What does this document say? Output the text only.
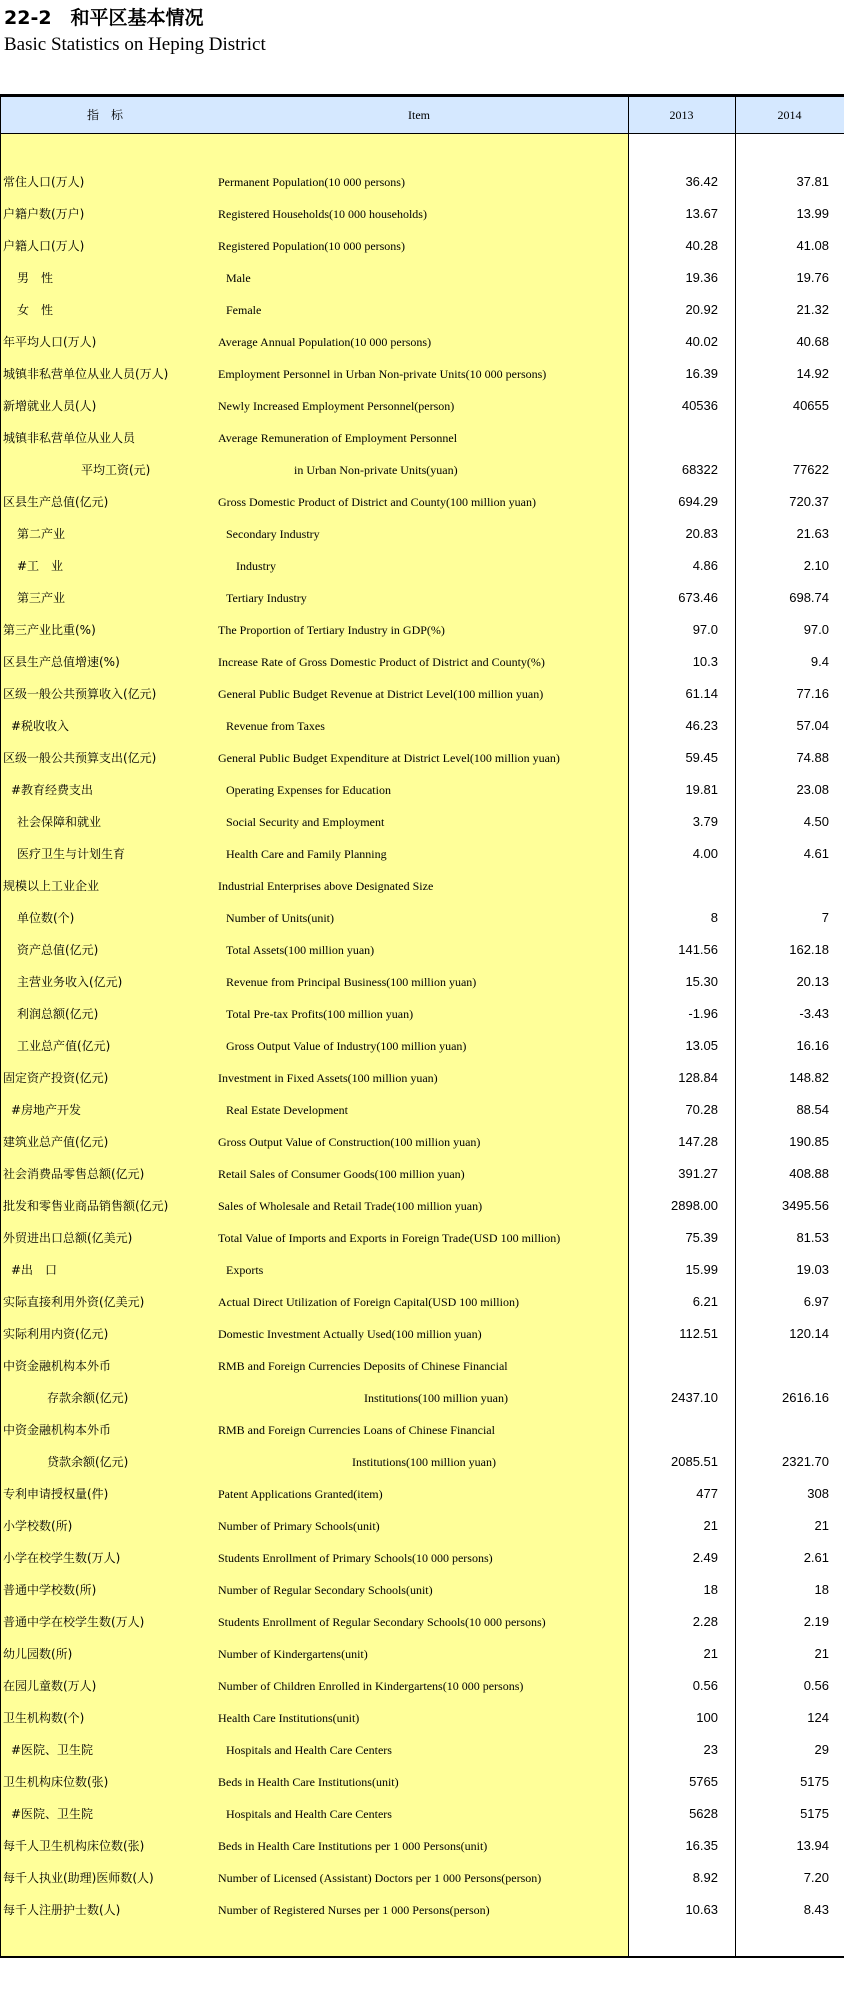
22-2　和平区基本情况
Basic Statistics on Heping District
指　标	Item	2013	2014
常住人口(万人)	Permanent Population(10 000 persons)	36.42	37.81
户籍户数(万户)	Registered Households(10 000 households)	13.67	13.99
户籍人口(万人)	Registered Population(10 000 persons)	40.28	41.08
男　性	Male	19.36	19.76
女　性	Female	20.92	21.32
年平均人口(万人)	Average Annual Population(10 000 persons)	40.02	40.68
城镇非私营单位从业人员(万人)	Employment Personnel in Urban Non-private Units(10 000 persons)	16.39	14.92
新增就业人员(人)	Newly Increased Employment Personnel(person)	40536	40655
城镇非私营单位从业人员	Average Remuneration of Employment Personnel
平均工资(元)	in Urban Non-private Units(yuan)	68322	77622
区县生产总值(亿元)	Gross Domestic Product of District and County(100 million yuan)	694.29	720.37
第二产业	Secondary Industry	20.83	21.63
#工　业	Industry	4.86	2.10
第三产业	Tertiary Industry	673.46	698.74
第三产业比重(%)	The Proportion of Tertiary Industry in GDP(%)	97.0	97.0
区县生产总值增速(%)	Increase Rate of Gross Domestic Product of District and County(%)	10.3	9.4
区级一般公共预算收入(亿元)	General Public Budget Revenue at District Level(100 million yuan)	61.14	77.16
#税收收入	Revenue from Taxes	46.23	57.04
区级一般公共预算支出(亿元)	General Public Budget Expenditure at District Level(100 million yuan)	59.45	74.88
#教育经费支出	Operating Expenses for Education	19.81	23.08
社会保障和就业	Social Security and Employment	3.79	4.50
医疗卫生与计划生育	Health Care and Family Planning	4.00	4.61
规模以上工业企业	Industrial Enterprises above Designated Size
单位数(个)	Number of Units(unit)	8	7
资产总值(亿元)	Total Assets(100 million yuan)	141.56	162.18
主营业务收入(亿元)	Revenue from Principal Business(100 million yuan)	15.30	20.13
利润总额(亿元)	Total Pre-tax Profits(100 million yuan)	-1.96	-3.43
工业总产值(亿元)	Gross Output Value of Industry(100 million yuan)	13.05	16.16
固定资产投资(亿元)	Investment in Fixed Assets(100 million yuan)	128.84	148.82
#房地产开发	Real Estate Development	70.28	88.54
建筑业总产值(亿元)	Gross Output Value of Construction(100 million yuan)	147.28	190.85
社会消费品零售总额(亿元)	Retail Sales of Consumer Goods(100 million yuan)	391.27	408.88
批发和零售业商品销售额(亿元)	Sales of Wholesale and Retail Trade(100 million yuan)	2898.00	3495.56
外贸进出口总额(亿美元)	Total Value of Imports and Exports in Foreign Trade(USD 100 million)	75.39	81.53
#出　口	Exports	15.99	19.03
实际直接利用外资(亿美元)	Actual Direct Utilization of Foreign Capital(USD 100 million)	6.21	6.97
实际利用内资(亿元)	Domestic Investment Actually Used(100 million yuan)	112.51	120.14
中资金融机构本外币	RMB and Foreign Currencies Deposits of Chinese Financial
存款余额(亿元)	Institutions(100 million yuan)	2437.10	2616.16
中资金融机构本外币	RMB and Foreign Currencies Loans of Chinese Financial
贷款余额(亿元)	Institutions(100 million yuan)	2085.51	2321.70
专利申请授权量(件)	Patent Applications Granted(item)	477	308
小学校数(所)	Number of Primary Schools(unit)	21	21
小学在校学生数(万人)	Students Enrollment of Primary Schools(10 000 persons)	2.49	2.61
普通中学校数(所)	Number of Regular Secondary Schools(unit)	18	18
普通中学在校学生数(万人)	Students Enrollment of Regular Secondary Schools(10 000 persons)	2.28	2.19
幼儿园数(所)	Number of Kindergartens(unit)	21	21
在园儿童数(万人)	Number of Children Enrolled in Kindergartens(10 000 persons)	0.56	0.56
卫生机构数(个)	Health Care Institutions(unit)	100	124
#医院、卫生院	Hospitals and Health Care Centers	23	29
卫生机构床位数(张)	Beds in Health Care Institutions(unit)	5765	5175
#医院、卫生院	Hospitals and Health Care Centers	5628	5175
每千人卫生机构床位数(张)	Beds in Health Care Institutions per 1 000 Persons(unit)	16.35	13.94
每千人执业(助理)医师数(人)	Number of Licensed (Assistant) Doctors per 1 000 Persons(person)	8.92	7.20
每千人注册护士数(人)	Number of Registered Nurses per 1 000 Persons(person)	10.63	8.43
